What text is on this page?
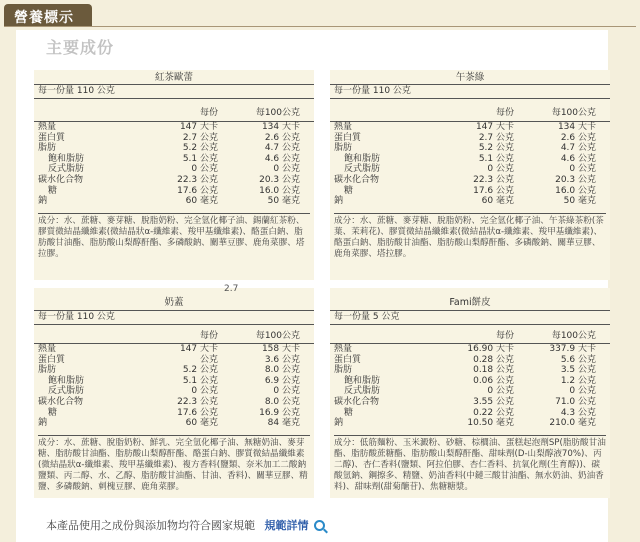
營養標示
主要成份
紅茶歐蕾
每一份量 110 公克
每份	每100公克
熱量	147 大卡	134 大卡
蛋白質	2.7 公克	2.6 公克
脂肪	5.2 公克	4.7 公克
飽和脂肪	5.1 公克	4.6 公克
反式脂肪	0 公克	0 公克
碳水化合物	22.3 公克	20.3 公克
糖	17.6 公克	16.0 公克
鈉	60 毫克	50 毫克
成分：水、蔗糖、麥芽糖、脫脂奶粉、完全氫化椰子油、錫蘭紅茶粉、膠質微結晶纖維素(微結晶狀α-纖維素、羧甲基纖維素)、酪蛋白鈉、脂肪酸甘油酯、脂肪酸山梨醇酐酯、多磷酸鈉、關華豆膠、鹿角菜膠、塔拉膠。
午茶綠
每一份量 110 公克
每份	每100公克
熱量	147 大卡	134 大卡
蛋白質	2.7 公克	2.6 公克
脂肪	5.2 公克	4.7 公克
飽和脂肪	5.1 公克	4.6 公克
反式脂肪	0 公克	0 公克
碳水化合物	22.3 公克	20.3 公克
糖	17.6 公克	16.0 公克
鈉	60 毫克	50 毫克
成分：水、蔗糖、麥芽糖、脫脂奶粉、完全氫化椰子油、午茶綠茶粉(茶葉、茉莉花)、膠質微結晶纖維素(微結晶狀α-纖維素、羧甲基纖維素)、酪蛋白鈉、脂肪酸甘油酯、脂肪酸山梨醇酐酯、多磷酸鈉、關華豆膠、鹿角菜膠、塔拉膠。
奶蓋
2.7
每一份量 110 公克
每份	每100公克
熱量	147 大卡	158 大卡
蛋白質	公克	3.6 公克
脂肪	5.2 公克	8.0 公克
飽和脂肪	5.1 公克	6.9 公克
反式脂肪	0 公克	0 公克
碳水化合物	22.3 公克	8.0 公克
糖	17.6 公克	16.9 公克
鈉	60 毫克	84 毫克
成分：水、蔗糖、脫脂奶粉、鮮乳、完全氫化椰子油、無糖奶油、麥芽糖、脂肪酸甘油酯、脂肪酸山梨醇酐酯、酪蛋白鈉、膠質微結晶纖維素(微結晶狀α-纖維素、羧甲基纖維素)、複方香料(鹽類、奈米加工二酸鈉鹽類、丙二醇、水、乙醇、脂肪酸甘油酯、甘油、香料)、關華豆膠、精鹽、多磷酸鈉、刺槐豆膠、鹿角菜膠。
Fami餅皮
每一份量 5 公克
每份	每100公克
熱量	16.90 大卡	337.9 大卡
蛋白質	0.28 公克	5.6 公克
脂肪	0.18 公克	3.5 公克
飽和脂肪	0.06 公克	1.2 公克
反式脂肪	0 公克	0 公克
碳水化合物	3.55 公克	71.0 公克
糖	0.22 公克	4.3 公克
鈉	10.50 毫克	210.0 毫克
成分：低筋麵粉、玉米澱粉、砂糖、棕櫚油、蛋糕起泡劑SP(脂肪酸甘油酯、脂肪酸蔗糖酯、脂肪酸山梨醇酐酯、甜味劑(D-山梨醇液70%)、丙二醇)、杏仁香料(鹽類、阿拉伯膠、杏仁香料、抗氧化劑(生育醇))、碳酸氫鈉、鋼擦多、精鹽、奶油香料(中鏈三酸甘油酯、無水奶油、奶油香料)、甜味劑(甜菊醣苷)、焦糖糖漿。
本產品使用之成份與添加物均符合國家規範 規範詳情
